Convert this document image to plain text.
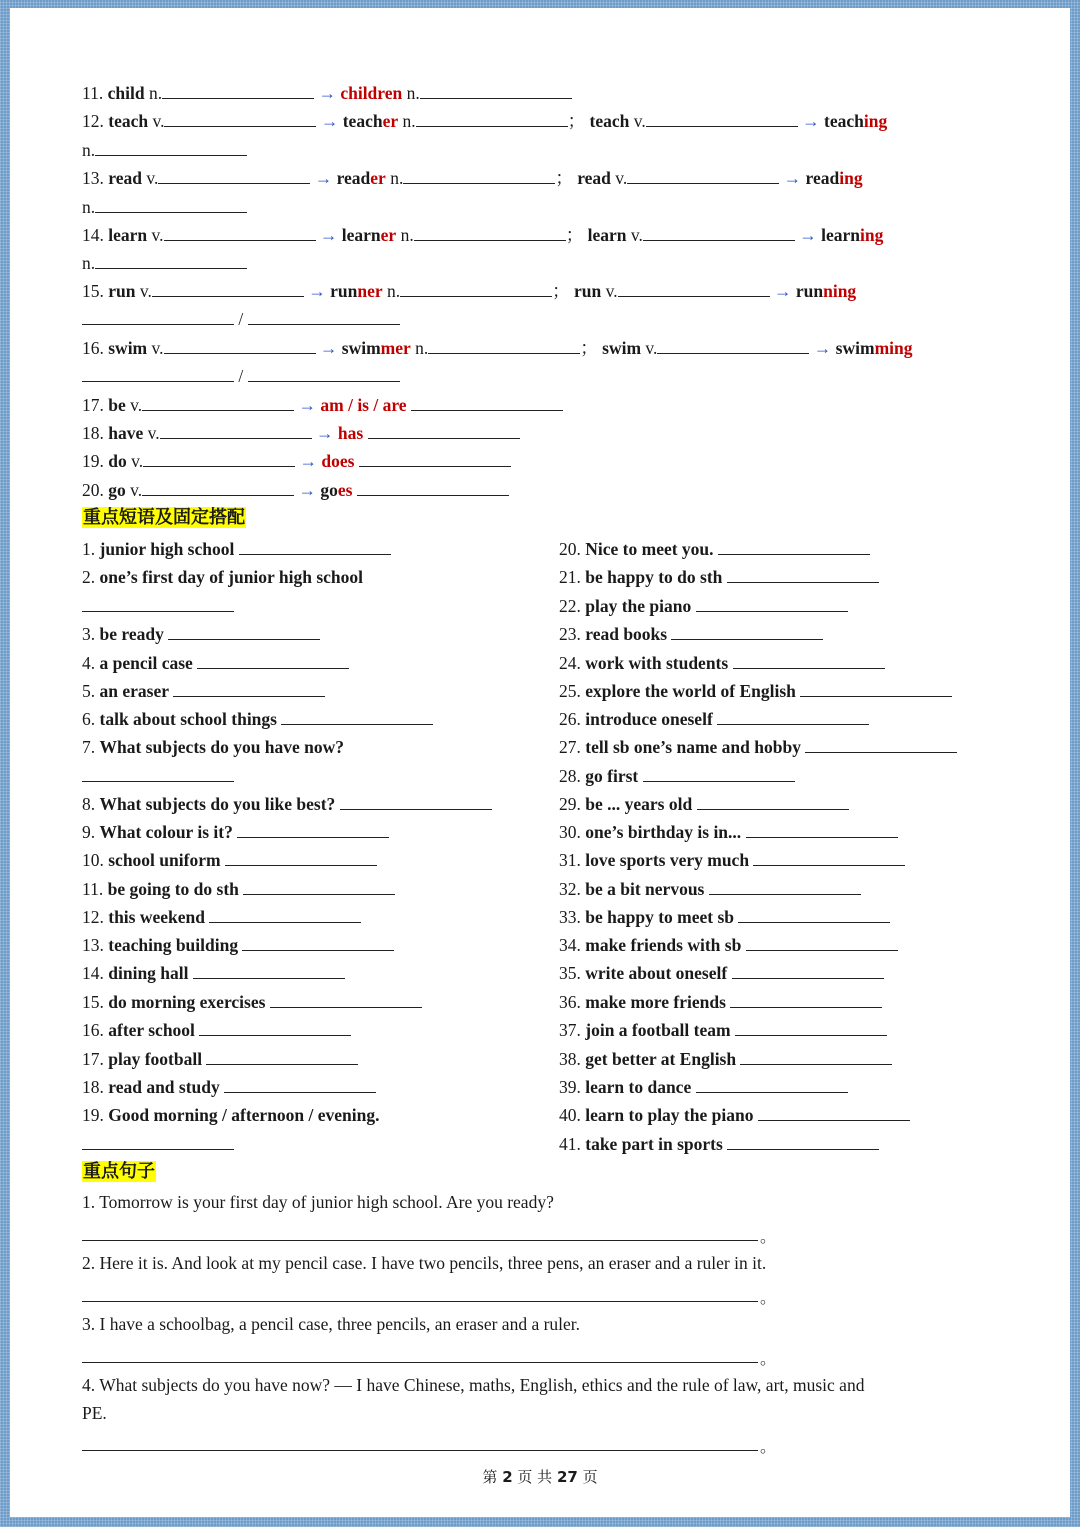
11. child n.	→ children n.
12. teach v.	→ teacher n.	； teach v.	→ teaching
n.
13. read v.	→ reader n.	； read v.	→ reading
n.
14. learn v.	→ learner n.	； learn v.	→ learning
n.
15. run v.	→ runner n.	； run v.	→ running
/
16. swim v.	→ swimmer n.	； swim v.	→ swimming
/
17. be v.	→ am / is / are
18. have v.	→ has
19. do v.	→ does
20. go v.	→ goes
重点短语及固定搭配
1. junior high school
2. one’s first day of junior high school
3. be ready
4. a pencil case
5. an eraser
6. talk about school things
7. What subjects do you have now?
8. What subjects do you like best?
9. What colour is it?
10. school uniform
11. be going to do sth
12. this weekend
13. teaching building
14. dining hall
15. do morning exercises
16. after school
17. play football
18. read and study
19. Good morning / afternoon / evening.
20. Nice to meet you.
21. be happy to do sth
22. play the piano
23. read books
24. work with students
25. explore the world of English
26. introduce oneself
27. tell sb one’s name and hobby
28. go first
29. be ... years old
30. one’s birthday is in...
31. love sports very much
32. be a bit nervous
33. be happy to meet sb
34. make friends with sb
35. write about oneself
36. make more friends
37. join a football team
38. get better at English
39. learn to dance
40. learn to play the piano
41. take part in sports
重点句子
1. Tomorrow is your first day of junior high school. Are you ready?
。
2. Here it is. And look at my pencil case. I have two pencils, three pens, an eraser and a ruler in it.
。
3. I have a schoolbag, a pencil case, three pencils, an eraser and a ruler.
。
4. What subjects do you have now? — I have Chinese, maths, English, ethics and the rule of law, art, music and
PE.
。
第 2 页 共 27 页
